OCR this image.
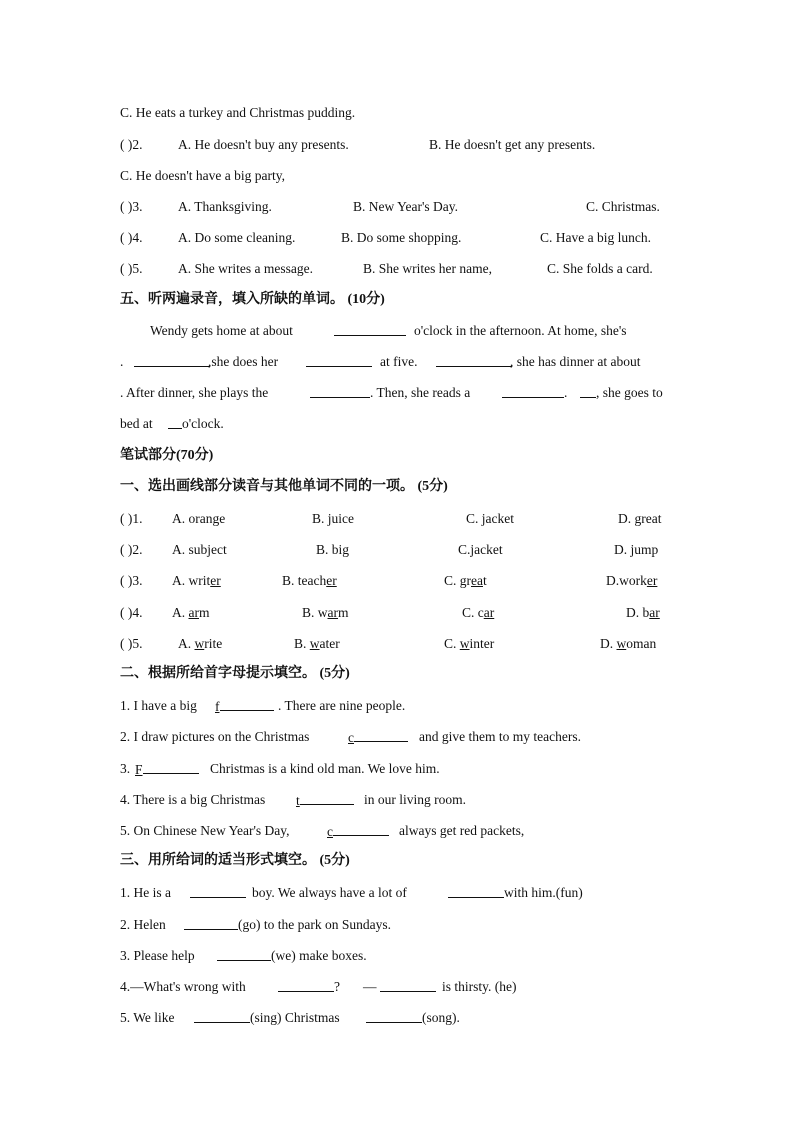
C. He eats a turkey and Christmas pudding.
( )2.	A. He doesn't buy any presents.	B. He doesn't get any presents.
C. He doesn't have a big party,
( )3.	A. Thanksgiving.	B. New Year's Day.	C. Christmas.
( )4.	A. Do some cleaning.	B. Do some shopping.	C. Have a big lunch.
( )5.	A. She writes a message.	B. She writes her name,	C. She folds a card.
五、听两遍录音，填入所缺的单词。 (10分)
Wendy gets home at about	o'clock in the afternoon. At home, she's
.	,she does her	at five.	, she has dinner at about
. After dinner, she plays the	. Then, she reads a	. , she goes to
bed at o'clock.
笔试部分(70分)
一、选出画线部分读音与其他单词不同的一项。 (5分)
( )1. A. orange	B. juice	C. jacket	D. great
( )2. A. subject	B. big	C.jacket	D. jump
( )3. A. writer	B. teacher	C. great	D.worker
( )4. A. arm	B. warm	C. car	D. bar
( )5.	A. write	B. water	C. winter	D. woman
二、根据所给首字母提示填空。 (5分)
1. I have a big f	. There are nine people.
2. I draw pictures on the Christmas	c	and give them to my teachers.
3. F	Christmas is a kind old man. We love him.
4. There is a big Christmas t	in our living room.
5. On Chinese New Year's Day,	c	always get red packets,
三、用所给词的适当形式填空。 (5分)
1. He is a	boy. We always have a lot of	with him.(fun)
2. Helen	(go) to the park on Sundays.
3. Please help	(we) make boxes.
4.—What's wrong with	? —	is thirsty. (he)
5. We like	(sing) Christmas	(song).
